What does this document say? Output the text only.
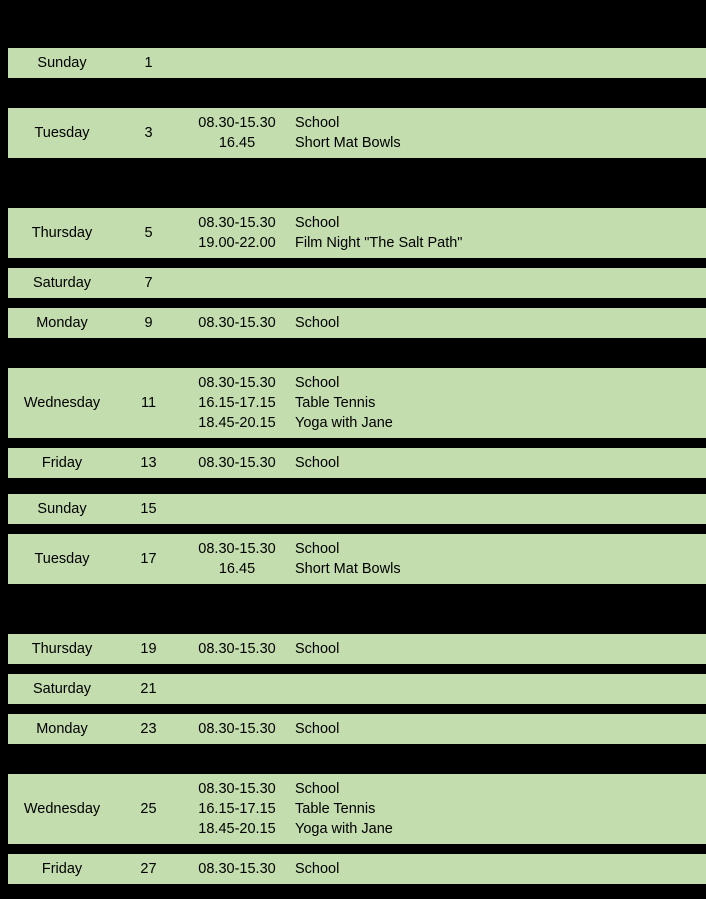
Sunday	1
Tuesday	3
08.30-15.30	School
16.45	Short Mat Bowls
Thursday	5
08.30-15.30	School
19.00-22.00	Film Night "The Salt Path"
Saturday	7
Monday	9	08.30-15.30	School
Wednesday	11
08.30-15.30	School
16.15-17.15	Table Tennis
18.45-20.15	Yoga with Jane
Friday	13	08.30-15.30	School
Sunday	15
Tuesday	17
08.30-15.30	School
16.45	Short Mat Bowls
Thursday	19	08.30-15.30	School
Saturday	21
Monday	23	08.30-15.30	School
Wednesday	25
08.30-15.30	School
16.15-17.15	Table Tennis
18.45-20.15	Yoga with Jane
Friday	27	08.30-15.30	School
